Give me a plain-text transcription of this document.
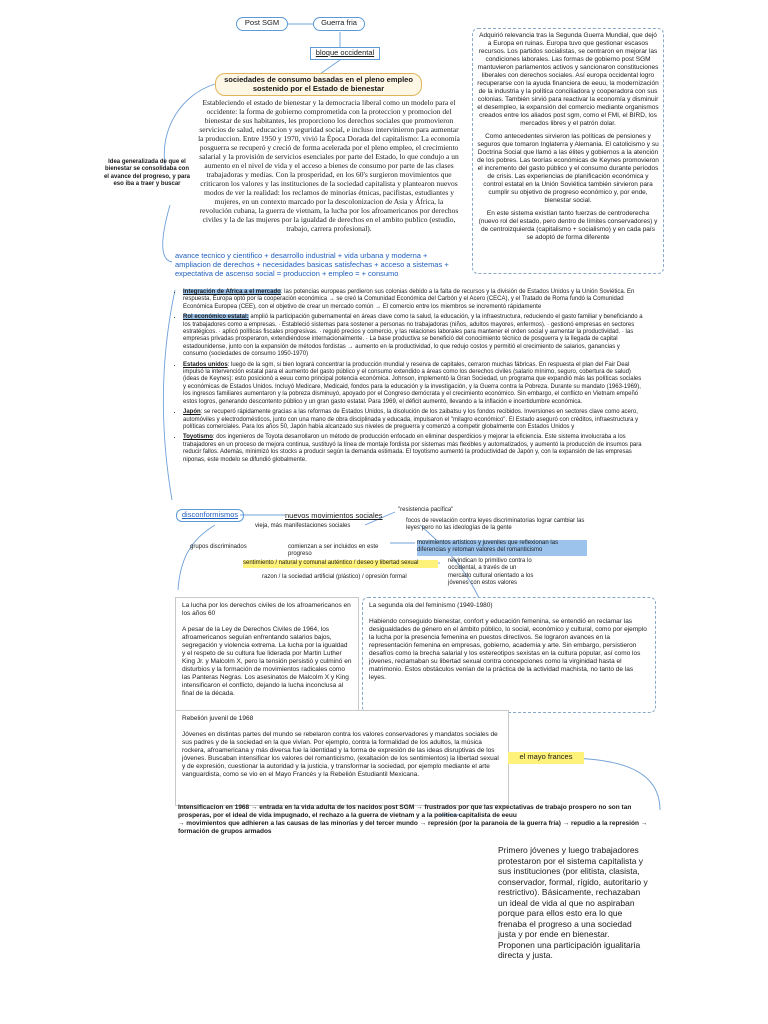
Post SGM	Guerra fria
bloque occidental
sociedades de consumo basadas en el pleno empleo sostenido por el Estado de bienestar
Estableciendo el estado de bienestar y la democracia liberal como un modelo para el occidente: la forma de gobierno comprometida con la proteccion y promocion del bienestar de sus habitantes, les proporciono los derechos sociales que promovieron servicios de salud, educacion y seguridad social, e incluso intervinieron para aumentar la produccion. Entre 1950 y 1970, vivió la Época Dorada del capitalismo: La economía posguerra se recuperó y creció de forma acelerada por el pleno empleo, el crecimiento salarial y la provisión de servicios esenciales por parte del Estado, lo que condujo a un aumento en el nivel de vida y el acceso a bienes de consumo por parte de las clases trabajadoras y medias. Con la prosperidad, en los 60's surgieron movimientos que criticaron los valores y las instituciones de la sociedad capitalista y plantearon nuevos modos de ver la realidad: los reclamos de minorías étnicas, pacifistas, estudiantes y mujeres, en un contexto marcado por la descolonizacion de Asia y África, la revolución cubana, la guerra de vietnam, la lucha por los afroamericanos por derechos civiles y la de las mujeres por la igualdad de derechos en el ambito publico (estudio, trabajo, carrera profesional).
Idea generalizada de que el bienestar se consolidaba con el avance del progreso, y para eso iba a traer y buscar
Adquirió relevancia tras la Segunda Guerra Mundial, que dejó a Europa en ruinas. Europa tuvo que gestionar escasos recursos. Los partidos socialistas, se centraron en mejorar las condiciones laborales. Las formas de gobierno post SGM mantuvieron parlamentos activos y sancionaron constituciones liberales con derechos sociales. Así europa occidental logro recuperarse con la ayuda financiera de eeuu, la modernización de la industria y la política conciliadora y cooperadora con sus colonias. También sirvió para reactivar la economía y disminuir el desempleo, la expansión del comercio mediante organismos creados entre los aliados post sgm, como el FMI, el BIRD, los mercados libres y el patrón dolar.
Como antecedentes sirvieron las políticas de pensiones y seguros que tomaron Inglaterra y Alemania. El catolicismo y su Doctrina Social que llamó a las élites y gobiernos a la atención de los pobres. Las teorías económicas de Keynes promovieron el incremento del gasto público y el consumo durante períodos de crisis. Las experiencias de planificación económica y control estatal en la Unión Soviética también sirvieron para cumplir su objetivo de progreso económico y, por ende, bienestar social.
En este sistema existían tanto fuerzas de centroderecha (nuevo rol del estado, pero dentro de límites conservadores) y de centroizquierda (capitalismo + socialismo) y en cada país se adoptó de forma diferente
avance tecnico y cientifico + desarrollo industrial + vida urbana y moderna + ampliacion de derechos + necesidades basicas satisfechas + acceso a sistemas + expectativa de ascenso social = produccion + empleo = + consumo
• Integración de Africa a el mercado: las potencias europeas perdieron sus colonias debido a la falta de recursos y la división de Estados Unidos y la Unión Soviética. En respuesta, Europa optó por la cooperación económica → se creó la Comunidad Económica del Carbón y el Acero (CECA), y el Tratado de Roma fundó la Comunidad Económica Europea (CEE), con el objetivo de crear un mercado común → El comercio entre los miembros se incrementó rápidamente
• Rol económico estatal: amplió la participación gubernamental en áreas clave como la salud, la educación, y la infraestructura, reduciendo el gasto familiar y beneficiando a los trabajadores como a empresas. · Estableció sistemas para sostener a personas no trabajadoras (niños, adultos mayores, enfermos). · gestionó empresas en sectores estratégicos. · aplicó políticas fiscales progresivas. · reguló precios y comercio, y las relaciones laborales para mantener el orden social y aumentar la productividad. · las empresas privadas prosperaron, extendiéndose internacionalmente. · La base productiva se benefició del conocimiento técnico de posguerra y la llegada de capital estadounidense, junto con la expansión de métodos fordistas → aumento en la productividad, lo que redujo costos y permitió el crecimiento de salarios, ganancias y consumo (sociedades de consumo 1950-1970)
• Estados unidos: luego de la sgm, si bien logrará concentrar la producción mundial y reserva de capitales, cerraron muchas fábricas. En respuesta el plan del Fair Deal impulsó la intervención estatal para el aumento del gasto público y el consumo extendido a áreas como los derechos civiles (salario mínimo, seguro, cobertura de salud) (ideas de Keynes): esto posicionó a eeuu como principal potencia económica. Johnson, implementó la Gran Sociedad, un programa que expandió más las políticas sociales y económicas de Estados Unidos. Incluyó Medicare, Medicaid, fondos para la educación y la investigación, y la Guerra contra la Pobreza. Durante su mandato (1963-1969), los ingresos familiares aumentaron y la pobreza disminuyó, apoyado por el Congreso demócrata y el crecimiento económico. Sin embargo, el conflicto en Vietnam empeñó estos logros, generando descontento público y un gran gasto estatal. Para 1969, el déficit aumentó, llevando a la inflación e incertidumbre económica.
• Japón: se recuperó rápidamente gracias a las reformas de Estados Unidos, la disolución de los zaibatsu y los fondos recibidos. Inversiones en sectores clave como acero, automóviles y electrodomésticos, junto con una mano de obra disciplinada y educada, impulsaron el "milagro económico". El Estado aseguró con créditos, infraestructura y políticas comerciales. Para los años 50, Japón había alcanzado sus niveles de preguerra y comenzó a competir globalmente con Estados Unidos y
• Toyotismo: dos ingenieros de Toyota desarrollaron un método de producción enfocado en eliminar desperdicios y mejorar la eficiencia. Este sistema involucraba a los trabajadores en un proceso de mejora continua, sustituyó la línea de montaje fordista por sistemas más flexibles y automatizados, y aumentó la producción de insumos para reducir fallos. Además, minimizó los stocks a producir según la demanda estimada. El toyotismo aumentó la productividad de Japón y, con la expansión de las empresas niponas, este modelo se difundió globalmente.
disconformismos	nuevos movimientos sociales
vieja, más manifestaciones sociales
"resistencia pacífica"
focos de revelación contra leyes discriminatorias lograr cambiar las leyes pero no las ideologías de la gente
grupos discriminados	comienzan a ser incluidos en este progreso
movimientos artísticos y juveniles que reflexionan las diferencias y retoman valores del romanticismo
sentimiento / natural y comunal auténtico / deseo y libertad sexual
razon / la sociedad artificial (plástico) / opresión formal
reivindican lo primitivo contra lo occidental, a través de un mercado cultural orientado a los jóvenes con estos valores
La lucha por los derechos civiles de los afroamericanos en los años 60
A pesar de la Ley de Derechos Civiles de 1964, los afroamericanos seguían enfrentando salarios bajos, segregación y violencia extrema. La lucha por la igualdad y el respeto de su cultura fue liderada por Martin Luther King Jr. y Malcolm X, pero la tensión persistió y culminó en disturbios y la formación de movimientos radicales como las Panteras Negras. Los asesinatos de Malcolm X y King intensificaron el conflicto, dejando la lucha inconclusa al final de la década.
La segunda ola del feminismo (1949-1980)
Habiendo conseguido bienestar, confort y educación femenina, se entendió en reclamar las desigualdades de género en el ámbito público, lo social, económico y cultural, como por ejemplo la lucha por la presencia femenina en puestos directivos. Se lograron avances en la representación femenina en empresas, gobierno, academia y arte. Sin embargo, persistieron desafíos como la brecha salarial y los estereotipos sexistas en la cultura popular, así como los jóvenes, reclamaban su libertad sexual contra concepciones como la virginidad hasta el matrimonio. Estos obstáculos venían de la práctica de la actividad machista, no tanto de las leyes.
Rebelión juvenil de 1968
Jóvenes en distintas partes del mundo se rebelaron contra los valores conservadores y mandatos sociales de sus padres y de la sociedad en la que vivían. Por ejemplo, contra la formalidad de los adultos, la música rockera, afroamericana y más diversa fue la identidad y la forma de expresión de las ideas disruptivas de los jóvenes. Buscaban intensificar los valores del romanticismo, (exaltación de los sentimientos) la libertad sexual y de expresión, cuestionar la autoridad y la justicia, y transformar la sociedad, por ejemplo mediante el arte vanguardista, como se vio en el Mayo Francés y la Rebelión Estudiantil Mexicana.
el mayo frances
Intensificacion en 1968 → entrada en la vida adulta de los nacidos post SGM → frustrados por que las expectativas de trabajo prospero no son tan prosperas, por el ideal de vida impugnado, el rechazo a la guerra de vietnam y a la politica capitalista de eeuu
→ movimientos que adhieren a las causas de las minorías y del tercer mundo → represión (por la paranoia de la guerra fría) → repudio a la represión → formación de grupos armados
Primero jóvenes y luego trabajadores protestaron por el sistema capitalista y sus instituciones (por elitista, clasista, conservador, formal, rígido, autoritario y restrictivo). Básicamente, rechazaban un ideal de vida al que no aspiraban porque para ellos esto era lo que frenaba el progreso a una sociedad justa y por ende en bienestar. Proponen una participación igualitaria directa y justa.
